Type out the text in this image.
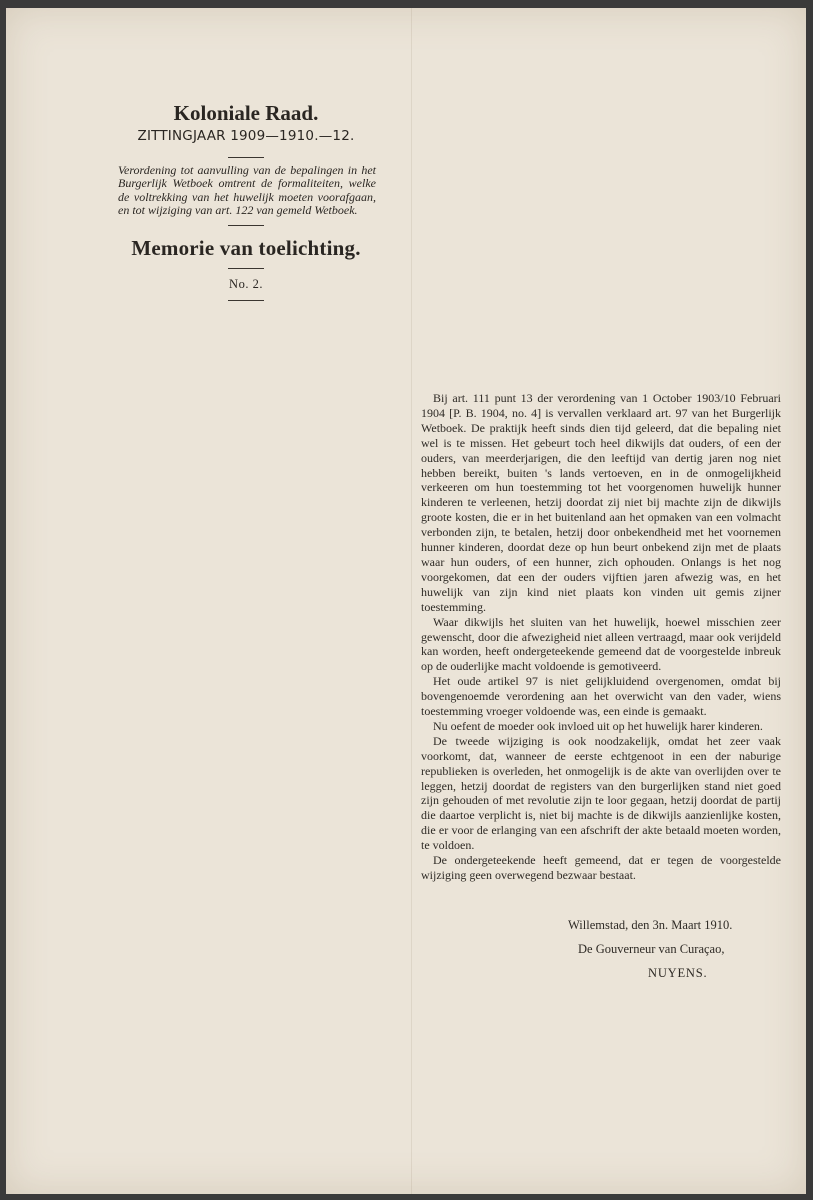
Koloniale Raad.
ZITTINGJAAR 1909—1910.—12.

Verordening tot aanvulling van de bepalingen in het Burgerlijk Wetboek omtrent de formaliteiten, welke de voltrekking van het huwelijk moeten voorafgaan, en tot wijziging van art. 122 van gemeld Wetboek.

Memorie van toelichting.
No. 2.

Bij art. 111 punt 13 der verordening van 1 October 1903/10 Februari 1904 [P. B. 1904, no. 4] is vervallen verklaard art. 97 van het Burgerlijk Wetboek. De praktijk heeft sinds dien tijd geleerd, dat die bepaling niet wel is te missen. Het gebeurt toch heel dikwijls dat ouders, of een der ouders, van meerderjarigen, die den leeftijd van dertig jaren nog niet hebben bereikt, buiten 's lands vertoeven, en in de onmogelijkheid verkeeren om hun toestemming tot het voorgenomen huwelijk hunner kinderen te verleenen, hetzij doordat zij niet bij machte zijn de dikwijls groote kosten, die er in het buitenland aan het opmaken van een volmacht verbonden zijn, te betalen, hetzij door onbekendheid met het voornemen hunner kinderen, doordat deze op hun beurt onbekend zijn met de plaats waar hun ouders, of een hunner, zich ophouden. Onlangs is het nog voorgekomen, dat een der ouders vijftien jaren afwezig was, en het huwelijk van zijn kind niet plaats kon vinden uit gemis zijner toestemming.

Waar dikwijls het sluiten van het huwelijk, hoewel misschien zeer gewenscht, door die afwezigheid niet alleen vertraagd, maar ook verijdeld kan worden, heeft ondergeteekende gemeend dat de voorgestelde inbreuk op de ouderlijke macht voldoende is gemotiveerd.

Het oude artikel 97 is niet gelijkluidend overgenomen, omdat bij bovengenoemde verordening aan het overwicht van den vader, wiens toestemming vroeger voldoende was, een einde is gemaakt.

Nu oefent de moeder ook invloed uit op het huwelijk harer kinderen.

De tweede wijziging is ook noodzakelijk, omdat het zeer vaak voorkomt, dat, wanneer de eerste echtgenoot in een der naburige republieken is overleden, het onmogelijk is de akte van overlijden over te leggen, hetzij doordat de registers van den burgerlijken stand niet goed zijn gehouden of met revolutie zijn te loor gegaan, hetzij doordat de partij die daartoe verplicht is, niet bij machte is de dikwijls aanzienlijke kosten, die er voor de erlanging van een afschrift der akte betaald moeten worden, te voldoen.

De ondergeteekende heeft gemeend, dat er tegen de voorgestelde wijziging geen overwegend bezwaar bestaat.

Willemstad, den 3n. Maart 1910.
De Gouverneur van Curaçao,
NUYENS.
